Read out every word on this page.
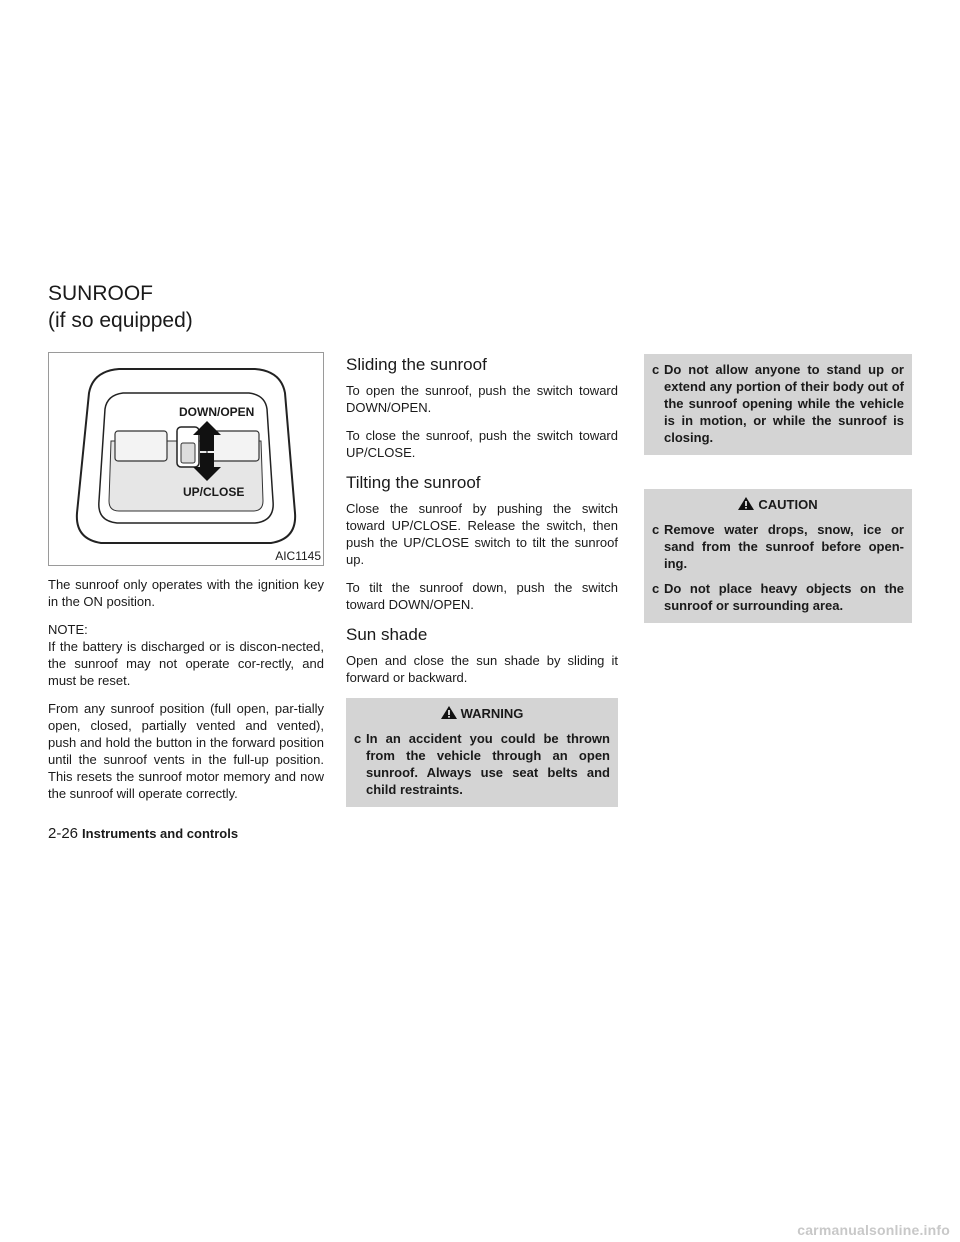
SUNROOF
(if so equipped)
DOWN/OPEN
UP/CLOSE
AIC1145

The sunroof only operates with the ignition key in the ON position.

NOTE:
If the battery is discharged or is discon-nected, the sunroof may not operate cor-rectly, and must be reset.

From any sunroof position (full open, par-tially open, closed, partially vented and vented), push and hold the button in the forward position until the sunroof vents in the full-up position. This resets the sunroof motor memory and now the sunroof will operate correctly.

Sliding the sunroof

To open the sunroof, push the switch toward DOWN/OPEN.

To close the sunroof, push the switch toward UP/CLOSE.

Tilting the sunroof

Close the sunroof by pushing the switch toward UP/CLOSE. Release the switch, then push the UP/CLOSE switch to tilt the sunroof up.

To tilt the sunroof down, push the switch toward DOWN/OPEN.

Sun shade

Open and close the sun shade by sliding it forward or backward.

WARNING
c In an accident you could be thrown from the vehicle through an open sunroof. Always use seat belts and child restraints.
c Do not allow anyone to stand up or extend any portion of their body out of the sunroof opening while the vehicle is in motion, or while the sunroof is closing.
CAUTION
c Remove water drops, snow, ice or sand from the sunroof before open-ing.
c Do not place heavy objects on the sunroof or surrounding area.
2-26 Instruments and controls
carmanualsonline.info
